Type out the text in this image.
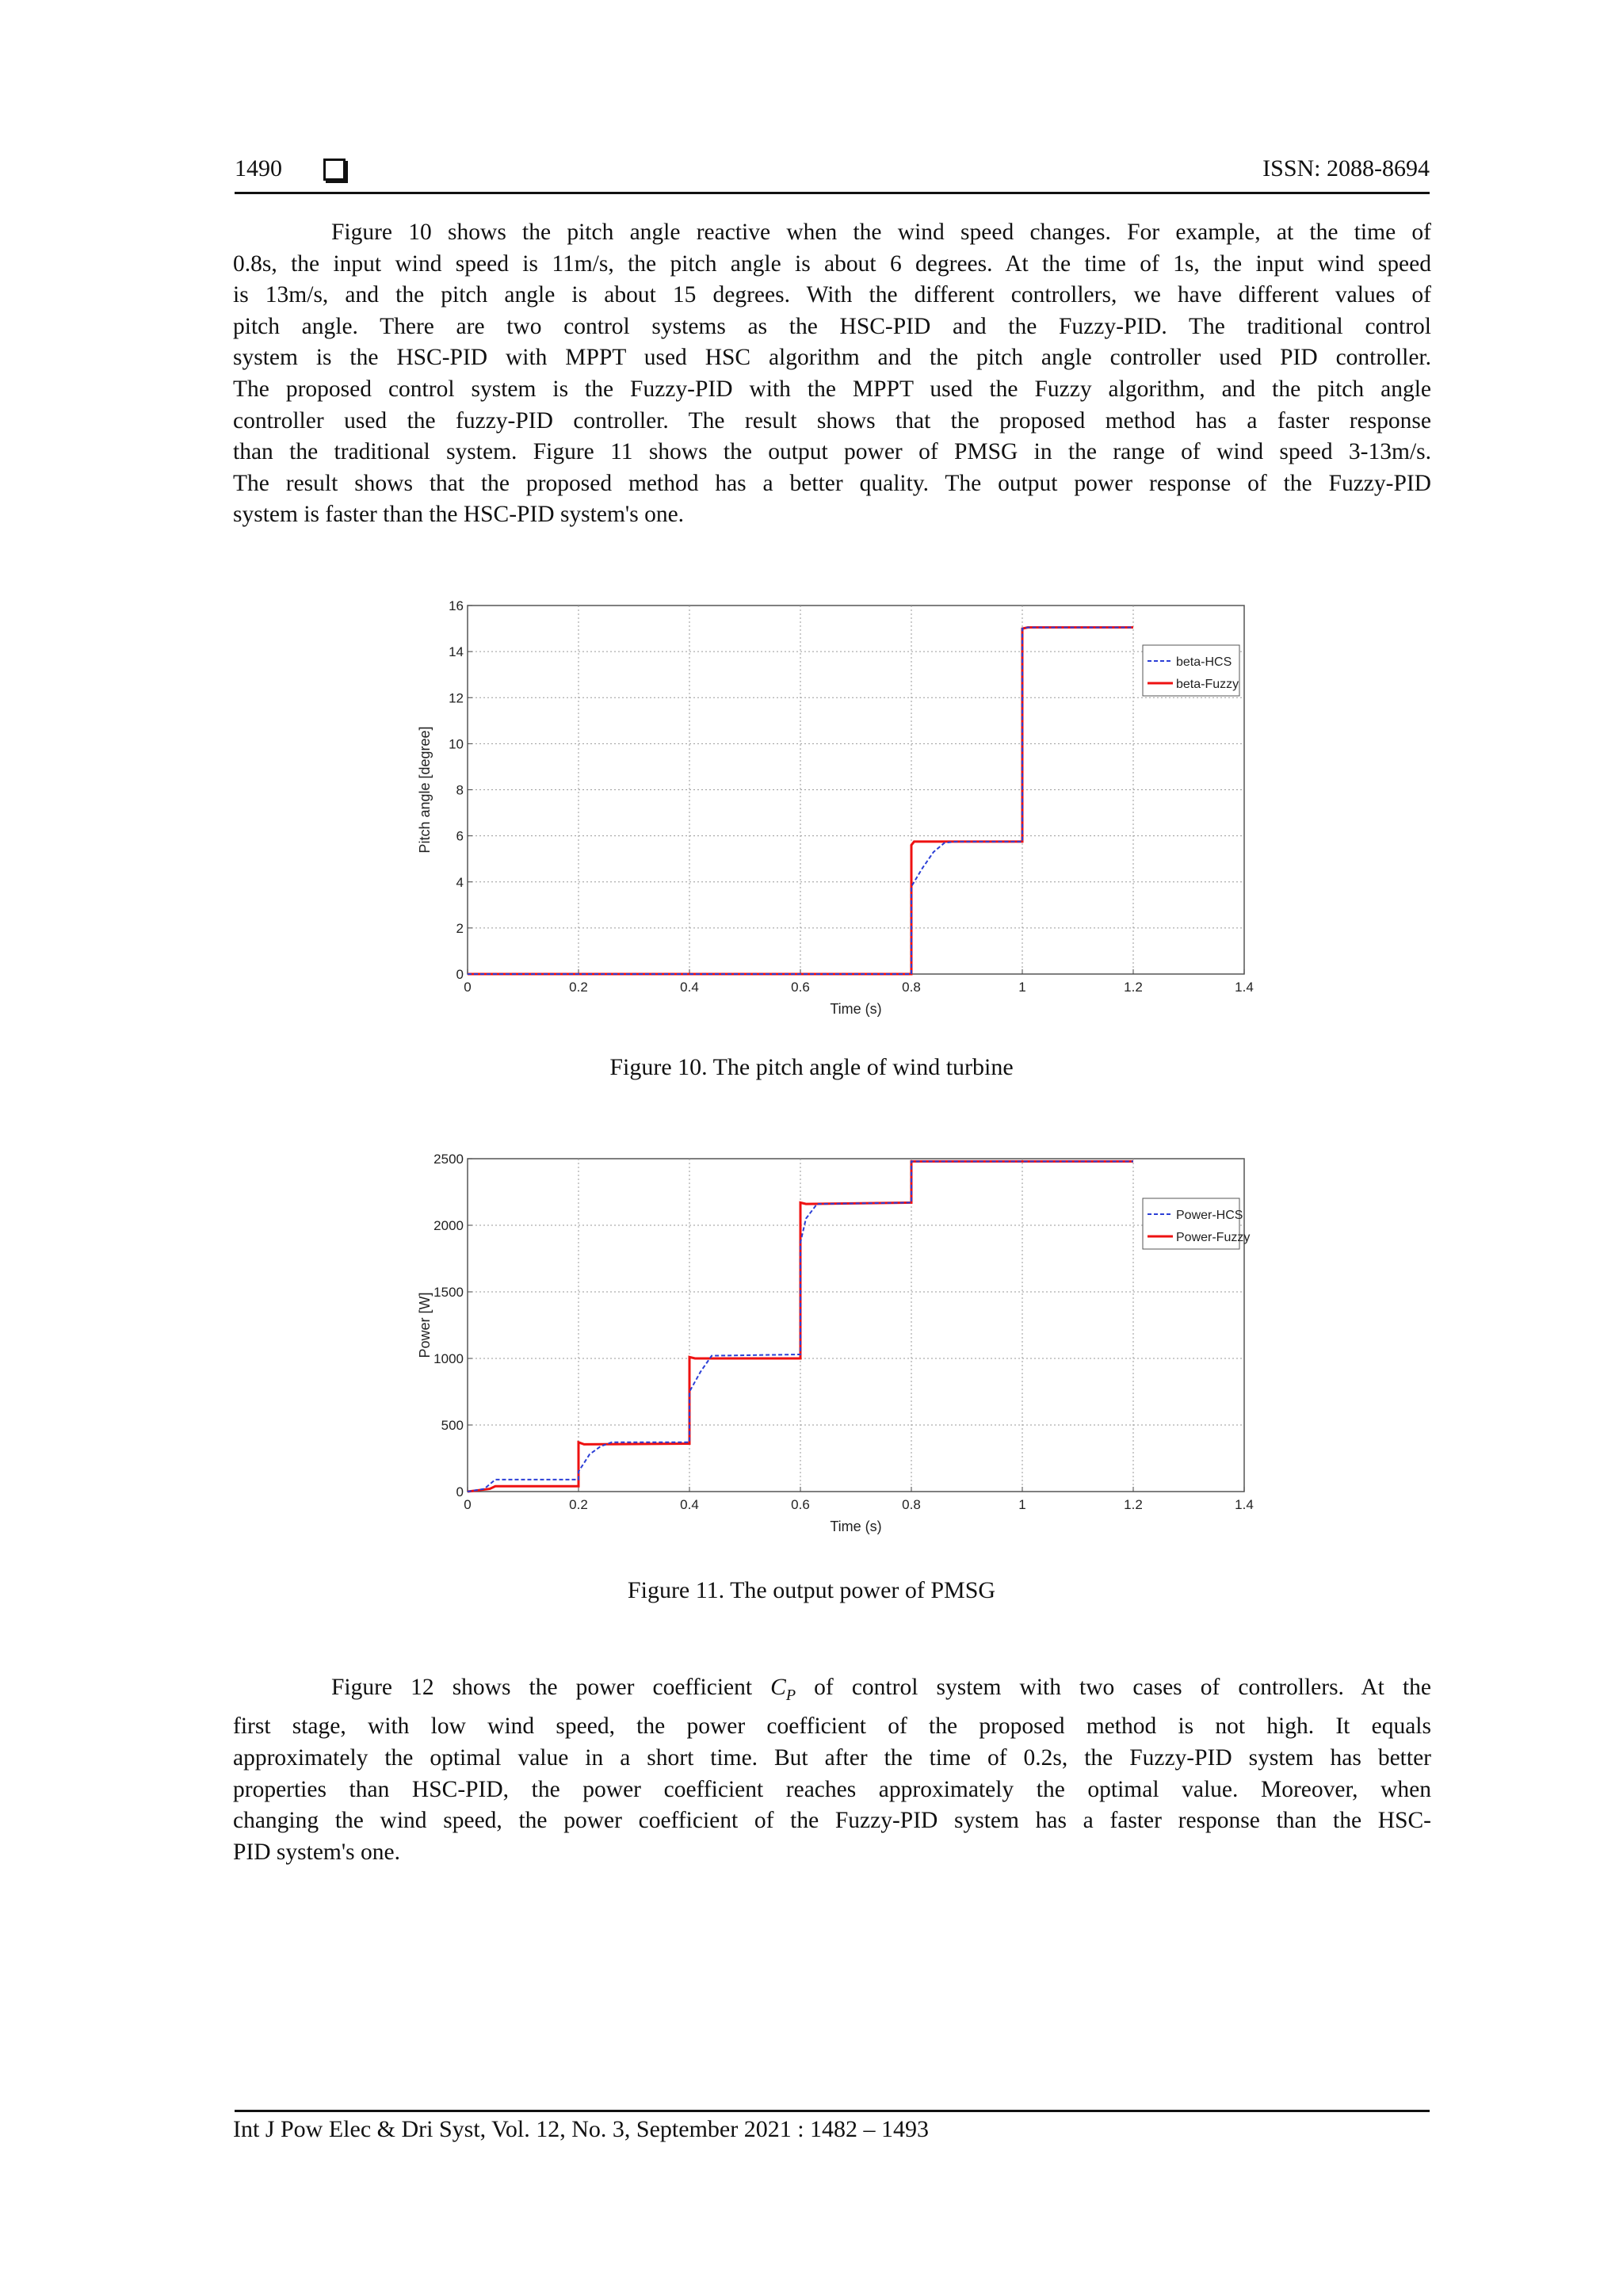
1490	ISSN: 2088-8694
Figure 10 shows the pitch angle reactive when the wind speed changes. For example, at the time of
0.8s, the input wind speed is 11m/s, the pitch angle is about 6 degrees. At the time of 1s, the input wind speed
is 13m/s, and the pitch angle is about 15 degrees. With the different controllers, we have different values of
pitch angle. There are two control systems as the HSC-PID and the Fuzzy-PID. The traditional control
system is the HSC-PID with MPPT used HSC algorithm and the pitch angle controller used PID controller.
The proposed control system is the Fuzzy-PID with the MPPT used the Fuzzy algorithm, and the pitch angle
controller used the fuzzy-PID controller. The result shows that the proposed method has a faster response
than the traditional system. Figure 11 shows the output power of PMSG in the range of wind speed 3-13m/s.
The result shows that the proposed method has a better quality. The output power response of the Fuzzy-PID
system is faster than the HSC-PID system's one.
0	0.2	0.4	0.6	0.8	1	1.2	1.4
0
2
4
6
8
10
12
14
16
Time (s)
Pitch angle [degree]
beta-HCS
beta-Fuzzy
Figure 10. The pitch angle of wind turbine
0	0.2	0.4	0.6	0.8	1	1.2	1.4
0
500
1000
1500
2000
2500
Time (s)
Power [W]
Power-HCS
Power-Fuzzy
Figure 11. The output power of PMSG
Figure 12 shows the power coefficient $C_P$ of control system with two cases of controllers. At the
first stage, with low wind speed, the power coefficient of the proposed method is not high. It equals
approximately the optimal value in a short time. But after the time of 0.2s, the Fuzzy-PID system has better
properties than HSC-PID, the power coefficient reaches approximately the optimal value. Moreover, when
changing the wind speed, the power coefficient of the Fuzzy-PID system has a faster response than the HSC-
PID system's one.
Int J Pow Elec & Dri Syst, Vol. 12, No. 3, September 2021 : 1482 – 1493
